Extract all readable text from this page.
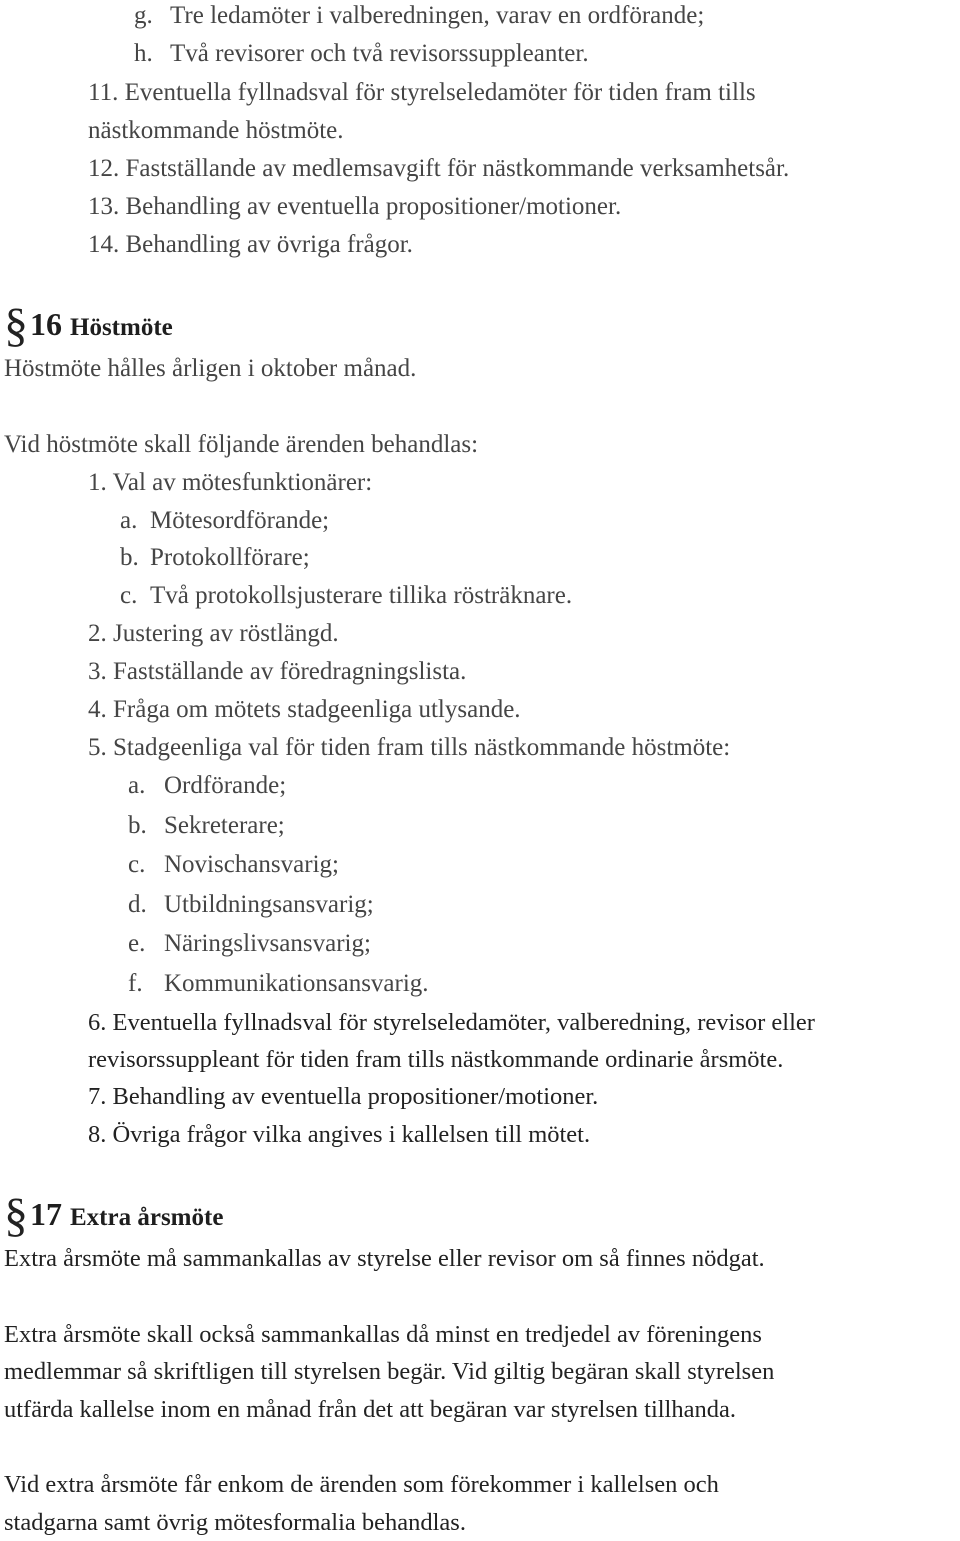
g. Tre ledamöter i valberedningen, varav en ordförande;
h. Två revisorer och två revisorssuppleanter.
11. Eventuella fyllnadsval för styrelseledamöter för tiden fram tills
nästkommande höstmöte.
12. Fastställande av medlemsavgift för nästkommande verksamhetsår.
13. Behandling av eventuella propositioner/motioner.
14. Behandling av övriga frågor.
§16 Höstmöte
Höstmöte hålles årligen i oktober månad.
Vid höstmöte skall följande ärenden behandlas:
1. Val av mötesfunktionärer:
a. Mötesordförande;
b. Protokollförare;
c. Två protokollsjusterare tillika rösträknare.
2. Justering av röstlängd.
3. Fastställande av föredragningslista.
4. Fråga om mötets stadgeenliga utlysande.
5. Stadgeenliga val för tiden fram tills nästkommande höstmöte:
a. Ordförande;
b. Sekreterare;
c. Novischansvarig;
d. Utbildningsansvarig;
e. Näringslivsansvarig;
f. Kommunikationsansvarig.
6. Eventuella fyllnadsval för styrelseledamöter, valberedning, revisor eller
revisorssuppleant för tiden fram tills nästkommande ordinarie årsmöte.
7. Behandling av eventuella propositioner/motioner.
8. Övriga frågor vilka angives i kallelsen till mötet.
§17 Extra årsmöte
Extra årsmöte må sammankallas av styrelse eller revisor om så finnes nödgat.
Extra årsmöte skall också sammankallas då minst en tredjedel av föreningens
medlemmar så skriftligen till styrelsen begär. Vid giltig begäran skall styrelsen
utfärda kallelse inom en månad från det att begäran var styrelsen tillhanda.
Vid extra årsmöte får enkom de ärenden som förekommer i kallelsen och
stadgarna samt övrig mötesformalia behandlas.
